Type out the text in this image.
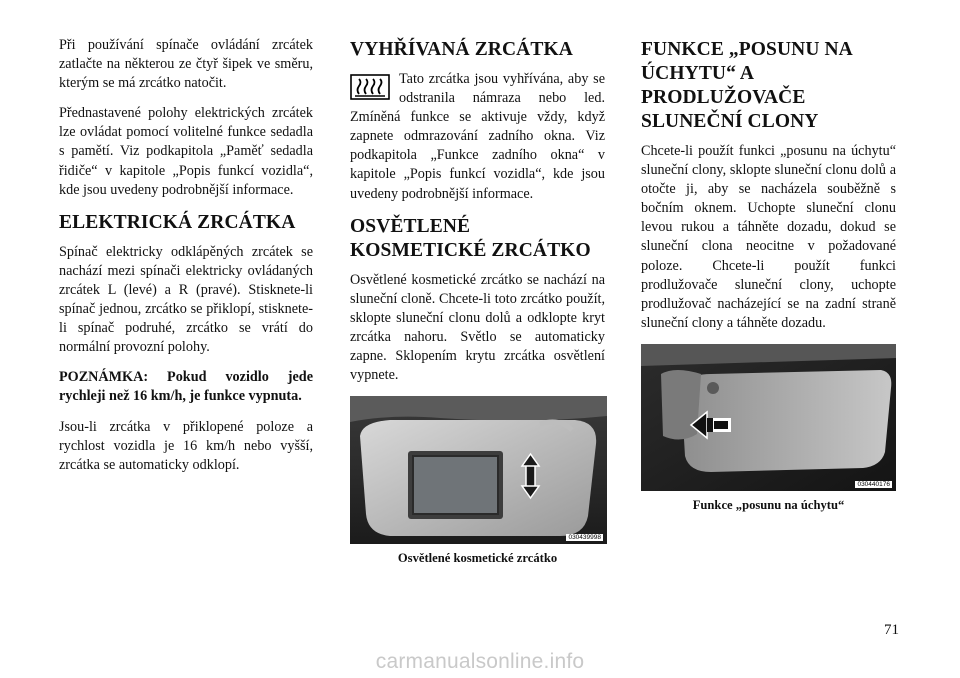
Při používání spínače ovládání zrcátek zatlačte na některou ze čtyř šipek ve směru, kterým se má zrcátko natočit.

Přednastavené polohy elektrických zrcátek lze ovládat pomocí volitelné funkce sedadla s pamětí. Viz podkapitola „Paměť sedadla řidiče“ v kapitole „Popis funkcí vozidla“, kde jsou uvedeny podrobnější informace.

ELEKTRICKÁ ZRCÁTKA

Spínač elektricky odklápěných zrcátek se nachází mezi spínači elektricky ovládaných zrcátek L (levé) a R (pravé). Stisknete-li spínač jednou, zrcátko se přiklopí, stisknete-li spínač podruhé, zrcátko se vrátí do normální provozní polohy.

POZNÁMKA: Pokud vozidlo jede rychleji než 16 km/h, je funkce vypnuta.

Jsou-li zrcátka v přiklopené poloze a rychlost vozidla je 16 km/h nebo vyšší, zrcátka se automaticky odklopí.

VYHŘÍVANÁ ZRCÁTKA

Tato zrcátka jsou vyhřívána, aby se odstranila námraza nebo led. Zmíněná funkce se aktivuje vždy, když zapnete odmrazování zadního okna. Viz podkapitola „Funkce zadního okna“ v kapitole „Popis funkcí vozidla“, kde jsou uvedeny podrobnější informace.

OSVĚTLENÉ KOSMETICKÉ ZRCÁTKO

Osvětlené kosmetické zrcátko se nachází na sluneční cloně. Chcete-li toto zrcátko použít, sklopte sluneční clonu dolů a odklopte kryt zrcátka nahoru. Světlo se automaticky zapne. Sklopením krytu zrcátka osvětlení vypnete.

030439998
Osvětlené kosmetické zrcátko
FUNKCE „POSUNU NA ÚCHYTU“ A PRODLUŽOVAČE SLUNEČNÍ CLONY

Chcete-li použít funkci „posunu na úchytu“ sluneční clony, sklopte sluneční clonu dolů a otočte ji, aby se nacházela souběžně s bočním oknem. Uchopte sluneční clonu levou rukou a táhněte dozadu, dokud se sluneční clona neocitne v požadované poloze. Chcete-li použít funkci prodlužovače sluneční clony, uchopte prodlužovač nacházející se na zadní straně sluneční clony a táhněte dozadu.

030440176
Funkce „posunu na úchytu“
71
carmanualsonline.info
